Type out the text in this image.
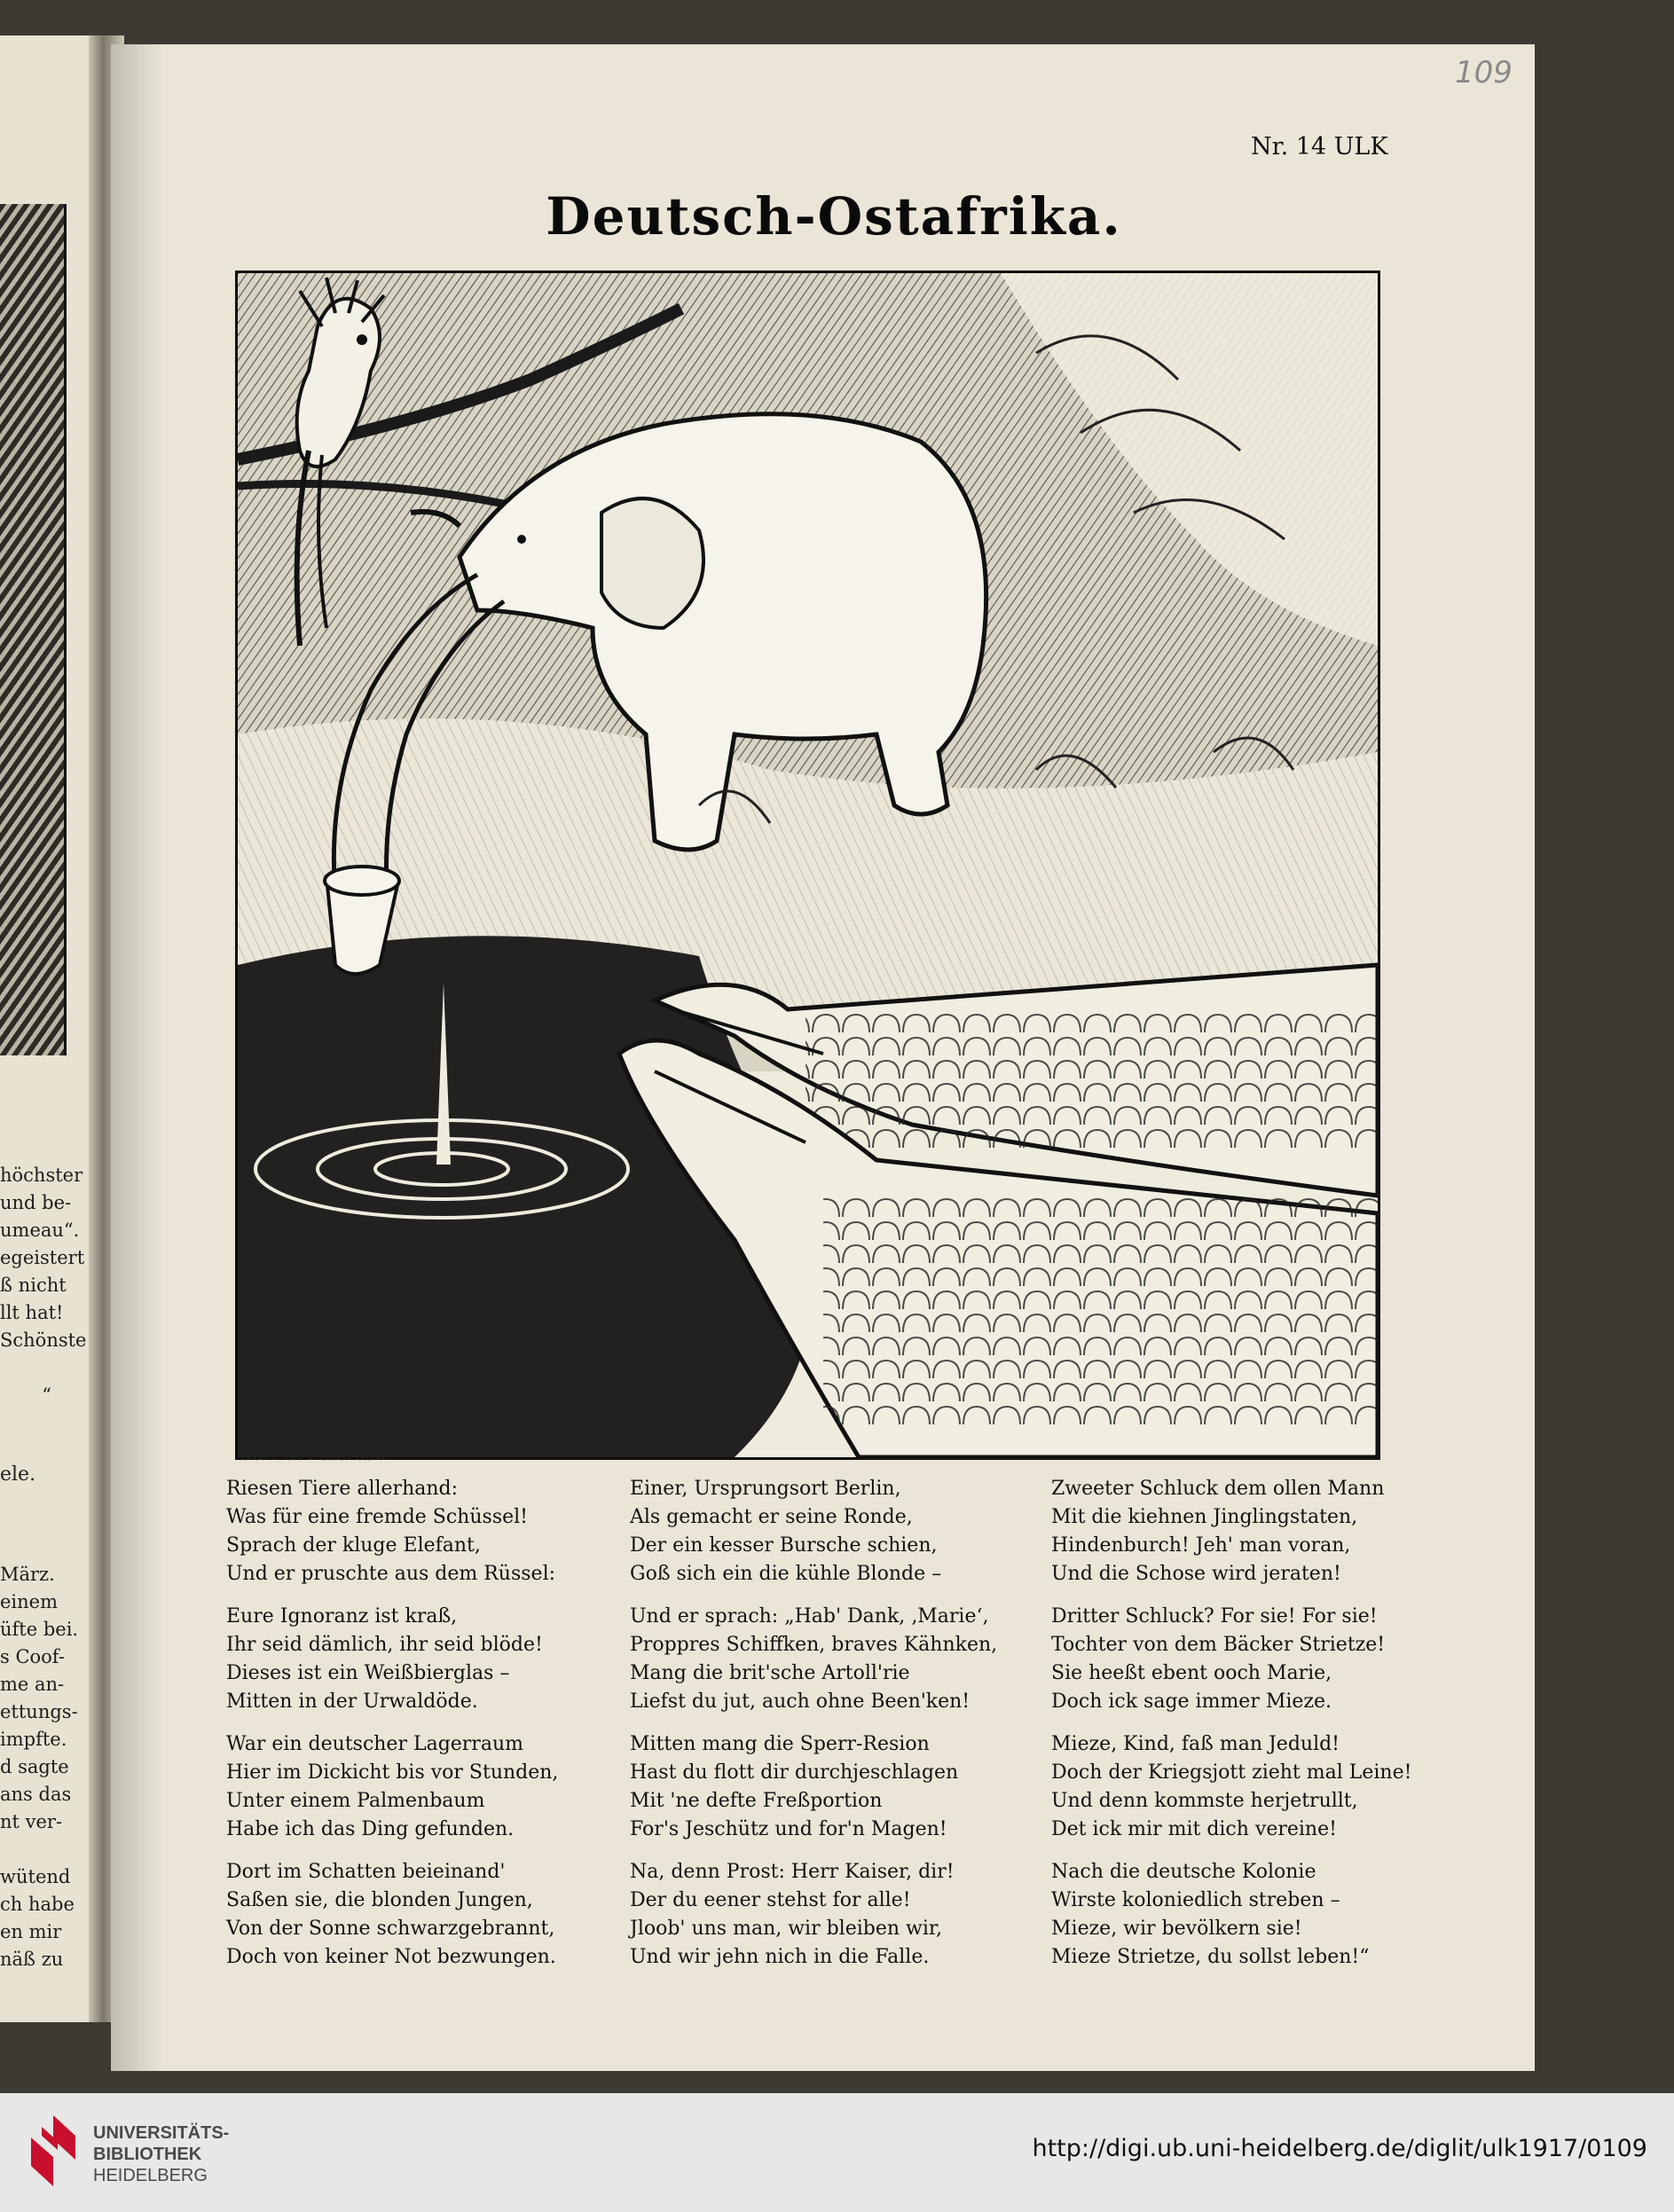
höchster
und be-
umeau“.
egeistert
ß nicht
llt hat!
Schönste

“
ele.
März.
einem
üfte bei.
s Coof-
me an-
ettungs-
impfte.
d sagte
ans das
nt ver-

wütend
ch habe
en mir
näß zu
109
Nr. 14 ULK
Deutsch-Ostafrika.
Carl O. Petersen

Riesen Tiere allerhand:
Was für eine fremde Schüssel!
Sprach der kluge Elefant,
Und er pruschte aus dem Rüssel:

Eure Ignoranz ist kraß,
Ihr seid dämlich, ihr seid blöde!
Dieses ist ein Weißbierglas –
Mitten in der Urwaldöde.

War ein deutscher Lagerraum
Hier im Dickicht bis vor Stunden,
Unter einem Palmenbaum
Habe ich das Ding gefunden.

Dort im Schatten beieinand'
Saßen sie, die blonden Jungen,
Von der Sonne schwarzgebrannt,
Doch von keiner Not bezwungen.

Einer, Ursprungsort Berlin,
Als gemacht er seine Ronde,
Der ein kesser Bursche schien,
Goß sich ein die kühle Blonde –

Und er sprach: „Hab' Dank, ‚Marie‘,
Proppres Schiffken, braves Kähnken,
Mang die brit'sche Artoll'rie
Liefst du jut, auch ohne Been'ken!

Mitten mang die Sperr-Resion
Hast du flott dir durchjeschlagen
Mit 'ne defte Freßportion
For's Jeschütz und for'n Magen!

Na, denn Prost: Herr Kaiser, dir!
Der du eener stehst for alle!
Jloob' uns man, wir bleiben wir,
Und wir jehn nich in die Falle.

Zweeter Schluck dem ollen Mann
Mit die kiehnen Jinglingstaten,
Hindenburch! Jeh' man voran,
Und die Schose wird jeraten!

Dritter Schluck? For sie! For sie!
Tochter von dem Bäcker Strietze!
Sie heeßt ebent ooch Marie,
Doch ick sage immer Mieze.

Mieze, Kind, faß man Jeduld!
Doch der Kriegsjott zieht mal Leine!
Und denn kommste herjetrullt,
Det ick mir mit dich vereine!

Nach die deutsche Kolonie
Wirste koloniedlich streben –
Mieze, wir bevölkern sie!
Mieze Strietze, du sollst leben!“

UNIVERSITÄTS-
BIBLIOTHEK
HEIDELBERG
http://digi.ub.uni-heidelberg.de/diglit/ulk1917/0109
